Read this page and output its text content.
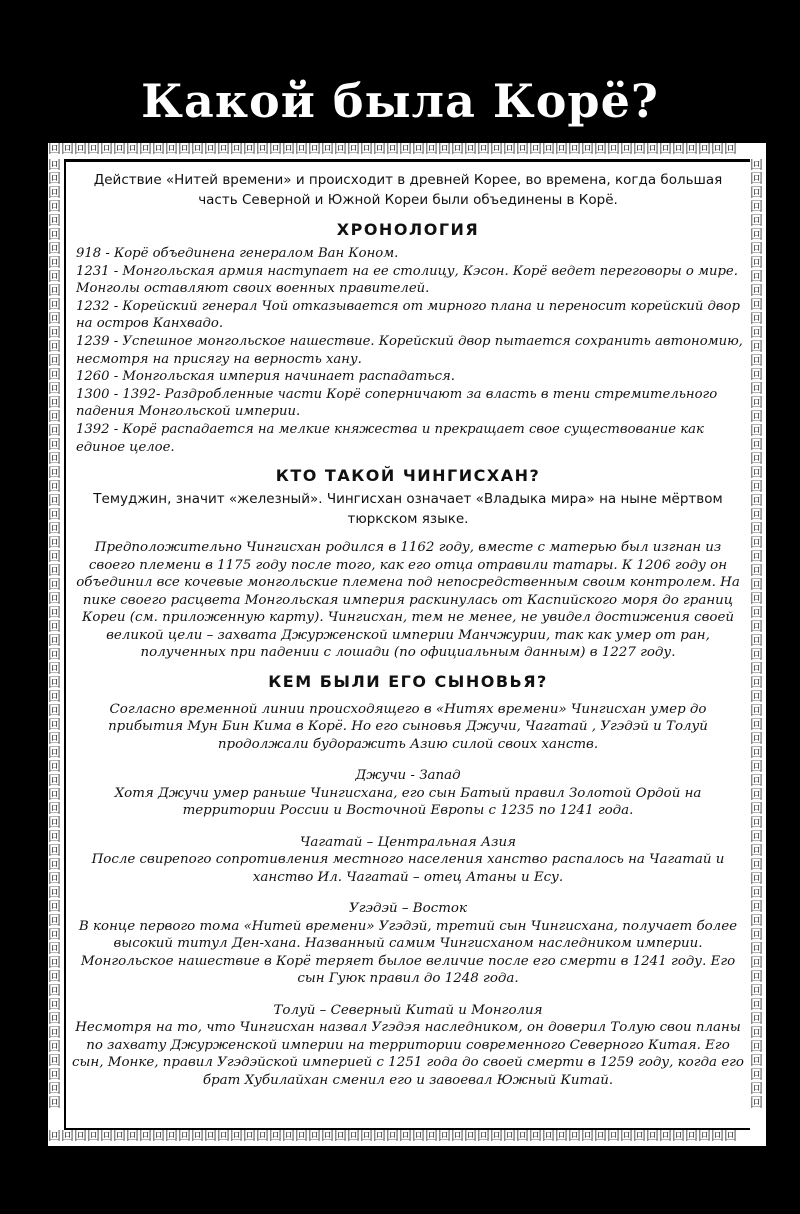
Какой была Корё?
回回回回回回回回回回回回回回回回回回回回回回回回回回回回回回回回回回回回回回回回回回回回回回回回回回回回回
回回回回回回回回回回回回回回回回回回回回回回回回回回回回回回回回回回回回回回回回回回回回回回回回回回回回回
回回回回回回回回回回回回回回回回回回回回回回回回回回回回回回回回回回回回回回回回回回回回回回回回回回回回回回回回回回回回回回回回回回回回
回回回回回回回回回回回回回回回回回回回回回回回回回回回回回回回回回回回回回回回回回回回回回回回回回回回回回回回回回回回回回回回回回回回回

Действие «Нитей времени» и происходит в древней Корее, во времена, когда большая часть Северной и Южной Кореи были объединены в Корё.

ХРОНОЛОГИЯ
918 - Корё объединена генералом Ван Коном.
1231 - Монгольская армия наступает на ее столицу, Кэсон. Корё ведет переговоры о мире. Монголы оставляют своих военных правителей.
1232 - Корейский генерал Чой отказывается от мирного плана и переносит корейский двор на остров Канхвадо.
1239 - Успешное монгольское нашествие. Корейский двор пытается сохранить автономию, несмотря на присягу на верность хану.
1260 - Монгольская империя начинает распадаться.
1300 - 1392- Раздробленные части Корё соперничают за власть в тени стремительного падения Монгольской империи.
1392 - Корё распадается на мелкие княжества и прекращает свое существование как единое целое.
КТО ТАКОЙ ЧИНГИСХАН?

Темуджин, значит «железный». Чингисхан означает «Владыка мира» на ныне мёртвом тюркском языке.

Предположительно Чингисхан родился в 1162 году, вместе с матерью был изгнан из своего племени в 1175 году после того, как его отца отравили татары. К 1206 году он объединил все кочевые монгольские племена под непосредственным своим контролем. На пике своего расцвета Монгольская империя раскинулась от Каспийского моря до границ Кореи (см. приложенную карту). Чингисхан, тем не менее, не увидел достижения своей великой цели – захвата Джурженской империи Манчжурии, так как умер от ран, полученных при падении с лошади (по официальным данным) в 1227 году.

КЕМ БЫЛИ ЕГО СЫНОВЬЯ?

Согласно временной линии происходящего в «Нитях времени» Чингисхан умер до прибытия Мун Бин Кима в Корё. Но его сыновья Джучи, Чагатай , Угэдэй и Толуй продолжали будоражить Азию силой своих ханств.

Джучи - Запад
Хотя Джучи умер раньше Чингисхана, его сын Батый правил Золотой Ордой на территории России и Восточной Европы с 1235 по 1241 года.
Чагатай – Центральная Азия
После свирепого сопротивления местного населения ханство распалось на Чагатай и ханство Ил. Чагатай – отец Атаны и Есу.
Угэдэй – Восток
В конце первого тома «Нитей времени» Угэдэй, третий сын Чингисхана, получает более высокий титул Ден-хана. Названный самим Чингисханом наследником империи. Монгольское нашествие в Корё теряет былое величие после его смерти в 1241 году. Его сын Гуюк правил до 1248 года.
Толуй – Северный Китай и Монголия
Несмотря на то, что Чингисхан назвал Угэдэя наследником, он доверил Толую свои планы по захвату Джурженской империи на территории современного Северного Китая. Его сын, Монке, правил Угэдэйской империей с 1251 года до своей смерти в 1259 году, когда его брат Хубилайхан сменил его и завоевал Южный Китай.
